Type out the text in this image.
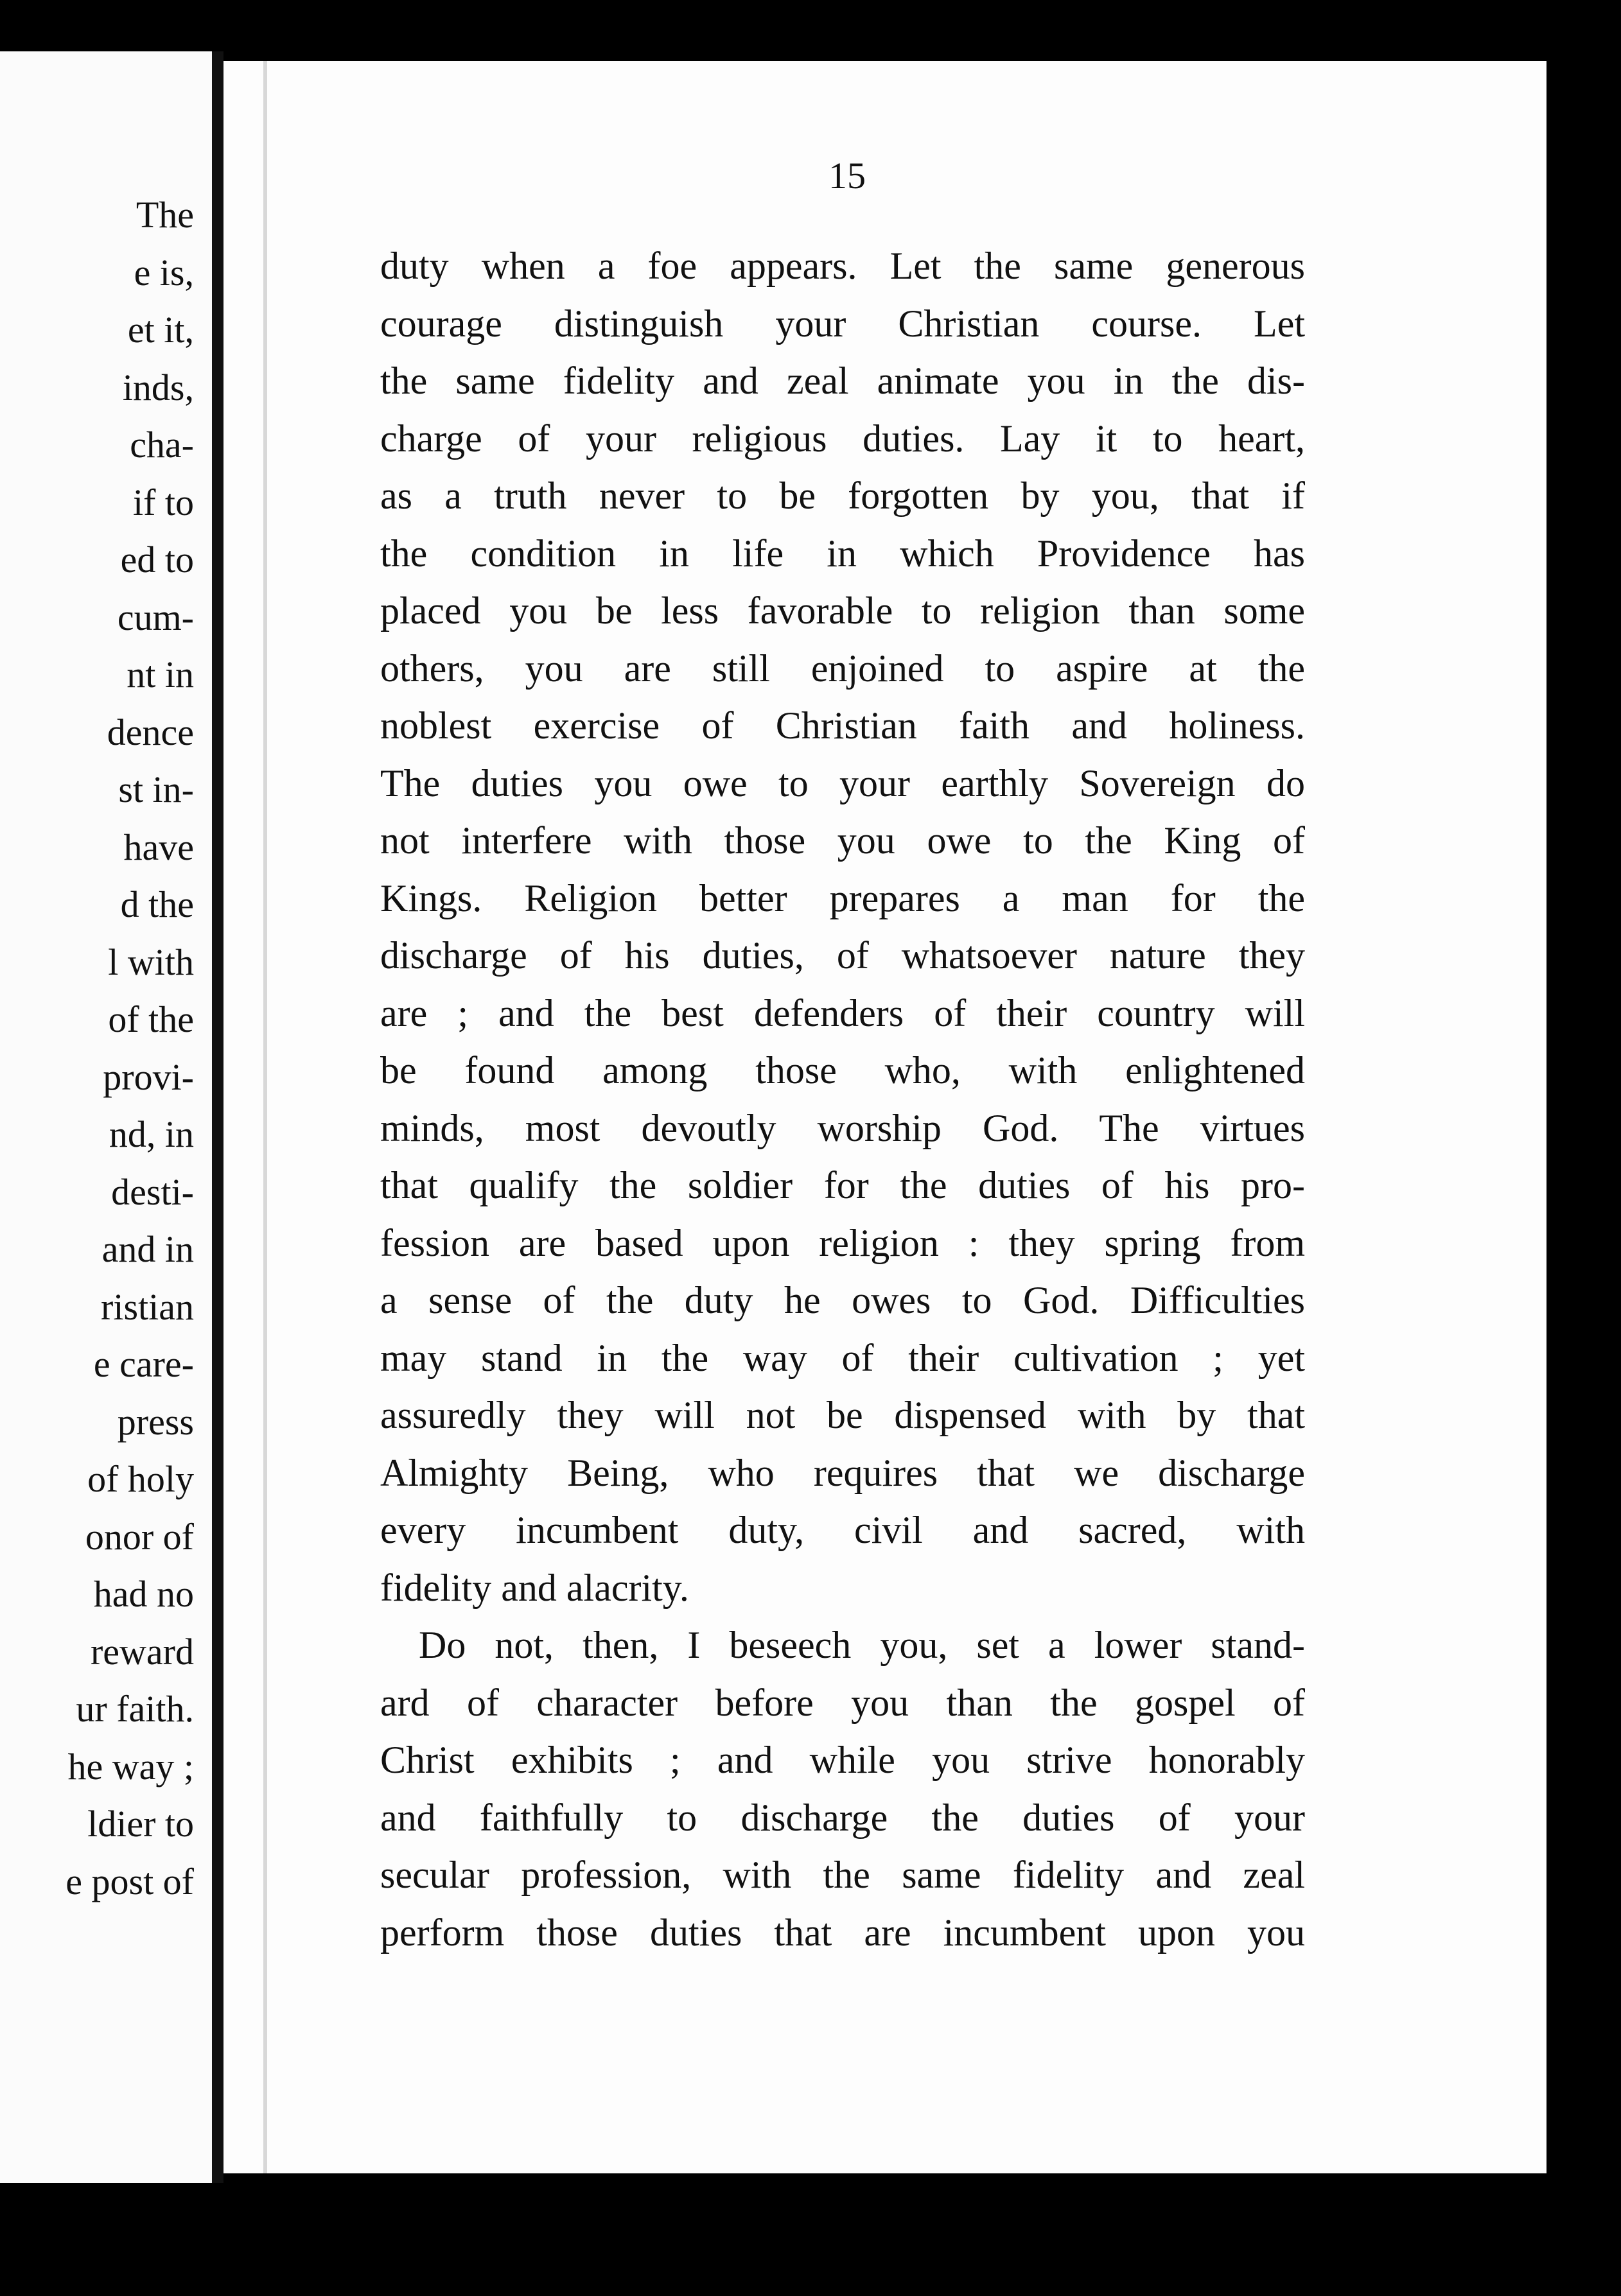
The
e is,
et it,
inds,
cha-
if to
ed to
cum-
nt in
dence
st in-
have
d the
l with
of the
provi-
nd, in
desti-
and in
ristian
e care-
press
of holy
onor of
had no
reward
ur faith.
he way ;
ldier to
e post of
15
duty when a foe appears. Let the same generous
courage distinguish your Christian course. Let
the same fidelity and zeal animate you in the dis-
charge of your religious duties. Lay it to heart,
as a truth never to be forgotten by you, that if
the condition in life in which Providence has
placed you be less favorable to religion than some
others, you are still enjoined to aspire at the
noblest exercise of Christian faith and holiness.
The duties you owe to your earthly Sovereign do
not interfere with those you owe to the King of
Kings. Religion better prepares a man for the
discharge of his duties, of whatsoever nature they
are ; and the best defenders of their country will
be found among those who, with enlightened
minds, most devoutly worship God. The virtues
that qualify the soldier for the duties of his pro-
fession are based upon religion : they spring from
a sense of the duty he owes to God. Difficulties
may stand in the way of their cultivation ; yet
assuredly they will not be dispensed with by that
Almighty Being, who requires that we discharge
every incumbent duty, civil and sacred, with
fidelity and alacrity.
Do not, then, I beseech you, set a lower stand-
ard of character before you than the gospel of
Christ exhibits ; and while you strive honorably
and faithfully to discharge the duties of your
secular profession, with the same fidelity and zeal
perform those duties that are incumbent upon you
